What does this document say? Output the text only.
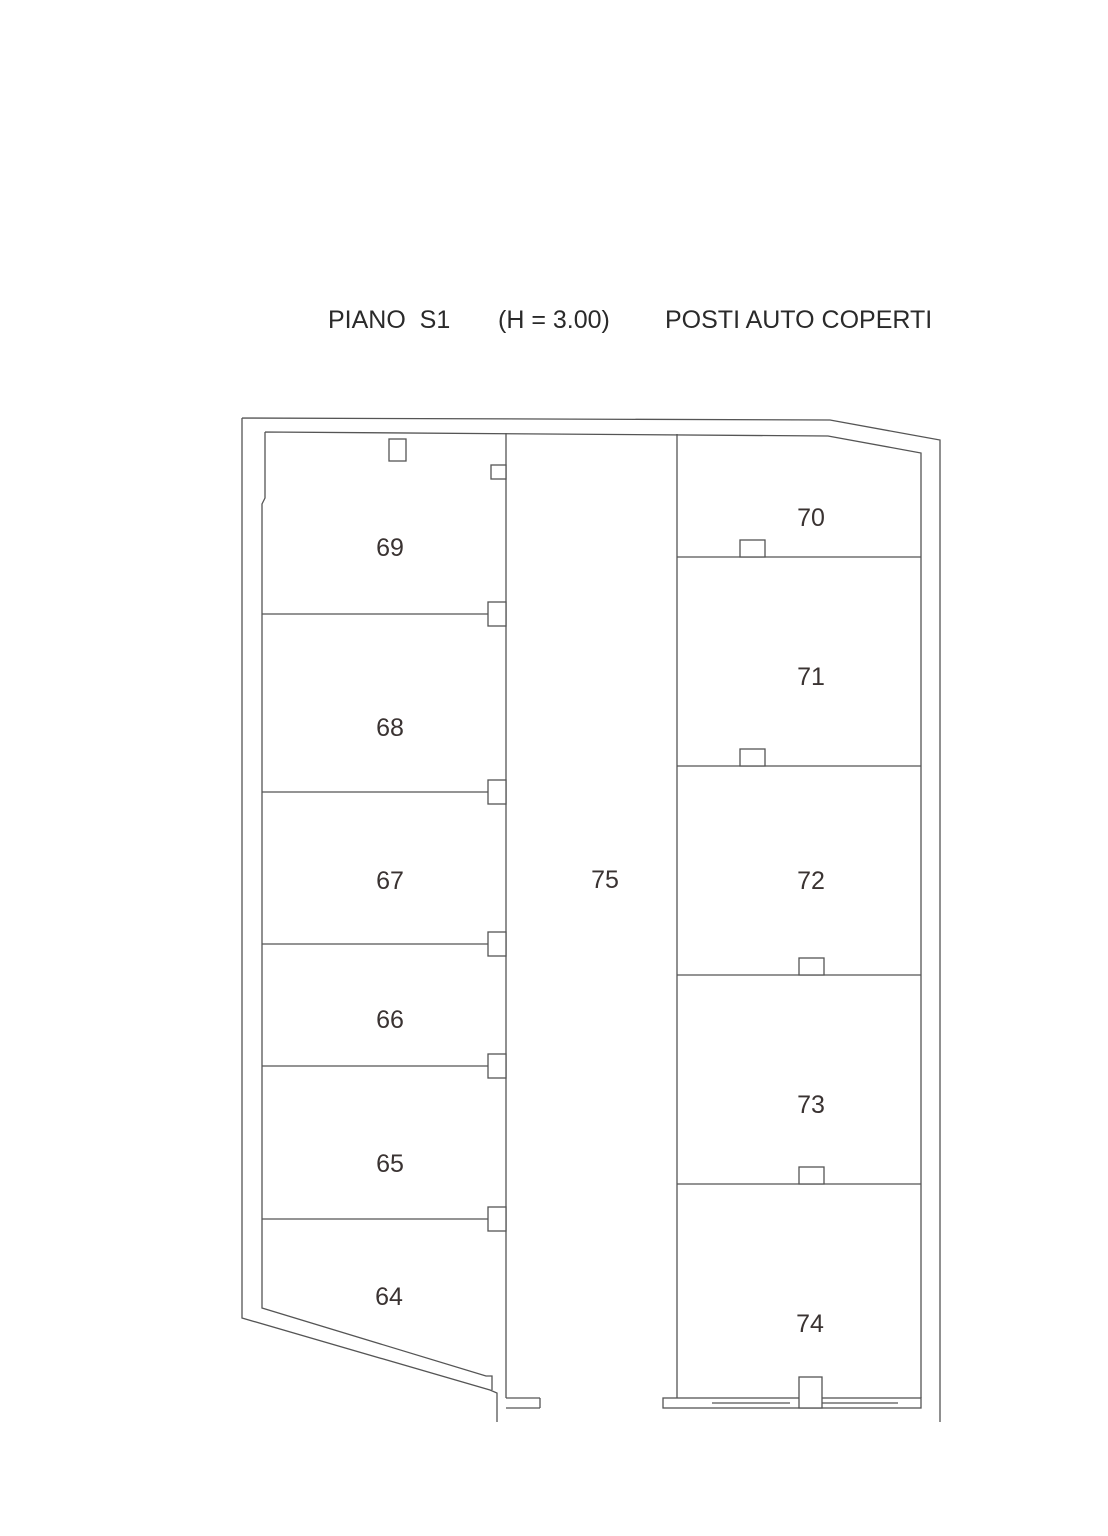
PIANO  S1

(H = 3.00)

POSTI AUTO COPERTI

69
68
67
66
65
64
75
70
71
72
73
74
